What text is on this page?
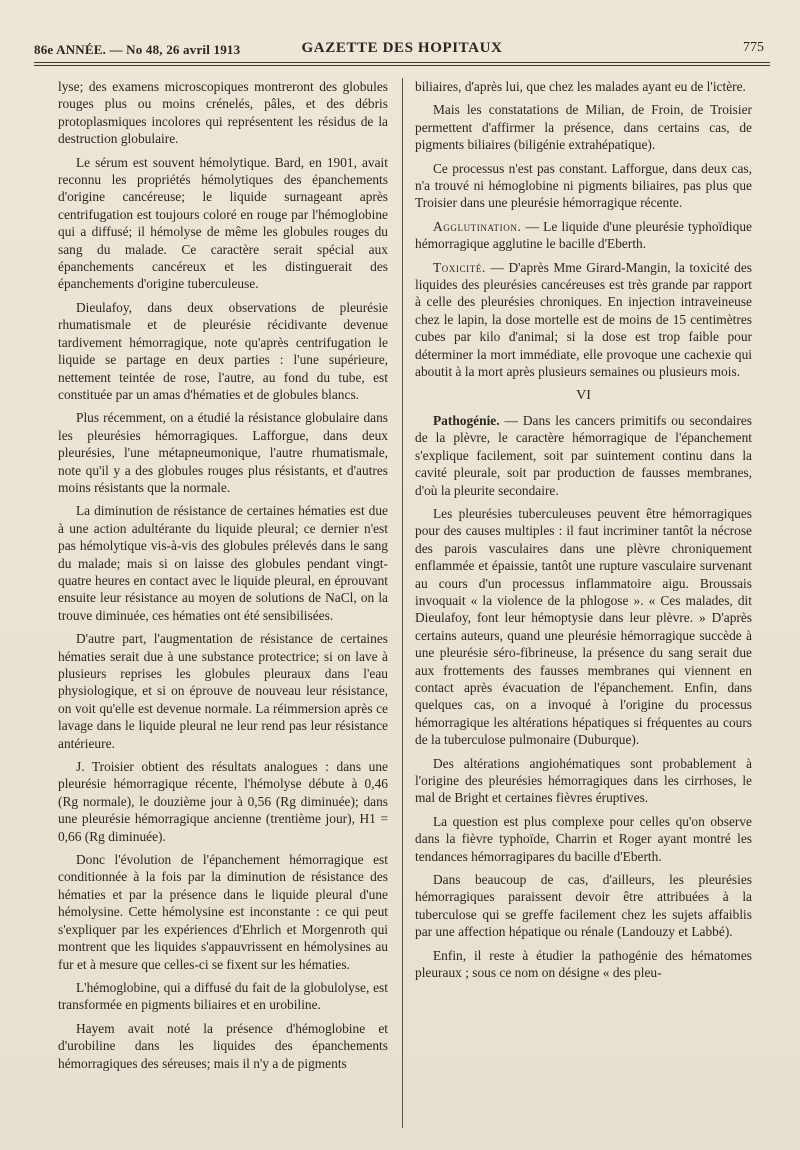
86e ANNÉE. — No 48, 26 avril 1913	GAZETTE DES HOPITAUX	775

lyse; des examens microscopiques montreront des globules rouges plus ou moins crénelés, pâles, et des débris protoplasmiques incolores qui représentent les résidus de la destruction globulaire.

Le sérum est souvent hémolytique. Bard, en 1901, avait reconnu les propriétés hémolytiques des épanchements d'origine cancéreuse; le liquide surnageant après centrifugation est toujours coloré en rouge par l'hémoglobine qui a diffusé; il hémolyse de même les globules rouges du sang du malade. Ce caractère serait spécial aux épanchements cancéreux et les distinguerait des épanchements d'origine tuberculeuse.

Dieulafoy, dans deux observations de pleurésie rhumatismale et de pleurésie récidivante devenue tardivement hémorragique, note qu'après centrifugation le liquide se partage en deux parties : l'une supérieure, nettement teintée de rose, l'autre, au fond du tube, est constituée par un amas d'hématies et de globules blancs.

Plus récemment, on a étudié la résistance globulaire dans les pleurésies hémorragiques. Lafforgue, dans deux pleurésies, l'une métapneumonique, l'autre rhumatismale, note qu'il y a des globules rouges plus résistants, et d'autres moins résistants que la normale.

La diminution de résistance de certaines hématies est due à une action adultérante du liquide pleural; ce dernier n'est pas hémolytique vis-à-vis des globules prélevés dans le sang du malade; mais si on laisse des globules pendant vingt-quatre heures en contact avec le liquide pleural, en éprouvant ensuite leur résistance au moyen de solutions de NaCl, on la trouve diminuée, ces hématies ont été sensibilisées.

D'autre part, l'augmentation de résistance de certaines hématies serait due à une substance protectrice; si on lave à plusieurs reprises les globules pleuraux dans l'eau physiologique, et si on éprouve de nouveau leur résistance, on voit qu'elle est devenue normale. La réimmersion après ce lavage dans le liquide pleural ne leur rend pas leur résistance antérieure.

J. Troisier obtient des résultats analogues : dans une pleurésie hémorragique récente, l'hémolyse débute à 0,46 (Rg normale), le douzième jour à 0,56 (Rg diminuée); dans une pleurésie hémorragique ancienne (trentième jour), H1 = 0,66 (Rg diminuée).

Donc l'évolution de l'épanchement hémorragique est conditionnée à la fois par la diminution de résistance des hématies et par la présence dans le liquide pleural d'une hémolysine. Cette hémolysine est inconstante : ce qui peut s'expliquer par les expériences d'Ehrlich et Morgenroth qui montrent que les liquides s'appauvrissent en hémolysines au fur et à mesure que celles-ci se fixent sur les hématies.

L'hémoglobine, qui a diffusé du fait de la globulolyse, est transformée en pigments biliaires et en urobiline.

Hayem avait noté la présence d'hémoglobine et d'urobiline dans les liquides des épanchements hémorragiques des séreuses; mais il n'y a de pigments

biliaires, d'après lui, que chez les malades ayant eu de l'ictère.

Mais les constatations de Milian, de Froin, de Troisier permettent d'affirmer la présence, dans certains cas, de pigments biliaires (biligénie extrahépatique).

Ce processus n'est pas constant. Lafforgue, dans deux cas, n'a trouvé ni hémoglobine ni pigments biliaires, pas plus que Troisier dans une pleurésie hémorragique récente.

Agglutination. — Le liquide d'une pleurésie typhoïdique hémorragique agglutine le bacille d'Eberth.

Toxicité. — D'après Mme Girard-Mangin, la toxicité des liquides des pleurésies cancéreuses est très grande par rapport à celle des pleurésies chroniques. En injection intraveineuse chez le lapin, la dose mortelle est de moins de 15 centimètres cubes par kilo d'animal; si la dose est trop faible pour déterminer la mort immédiate, elle provoque une cachexie qui aboutit à la mort après plusieurs semaines ou plusieurs mois.

VI

Pathogénie. — Dans les cancers primitifs ou secondaires de la plèvre, le caractère hémorragique de l'épanchement s'explique facilement, soit par suintement continu dans la cavité pleurale, soit par production de fausses membranes, d'où la pleurite secondaire.

Les pleurésies tuberculeuses peuvent être hémorragiques pour des causes multiples : il faut incriminer tantôt la nécrose des parois vasculaires dans une plèvre chroniquement enflammée et épaissie, tantôt une rupture vasculaire survenant au cours d'un processus inflammatoire aigu. Broussais invoquait « la violence de la phlogose ». « Ces malades, dit Dieulafoy, font leur hémoptysie dans leur plèvre. » D'après certains auteurs, quand une pleurésie hémorragique succède à une pleurésie séro-fibrineuse, la présence du sang serait due aux frottements des fausses membranes qui viennent en contact après évacuation de l'épanchement. Enfin, dans quelques cas, on a invoqué à l'origine du processus hémorragique les altérations hépatiques si fréquentes au cours de la tuberculose pulmonaire (Duburque).

Des altérations angiohématiques sont probablement à l'origine des pleurésies hémorragiques dans les cirrhoses, le mal de Bright et certaines fièvres éruptives.

La question est plus complexe pour celles qu'on observe dans la fièvre typhoïde, Charrin et Roger ayant montré les tendances hémorragipares du bacille d'Eberth.

Dans beaucoup de cas, d'ailleurs, les pleurésies hémorragiques paraissent devoir être attribuées à la tuberculose qui se greffe facilement chez les sujets affaiblis par une affection hépatique ou rénale (Landouzy et Labbé).

Enfin, il reste à étudier la pathogénie des hématomes pleuraux ; sous ce nom on désigne « des pleu-
